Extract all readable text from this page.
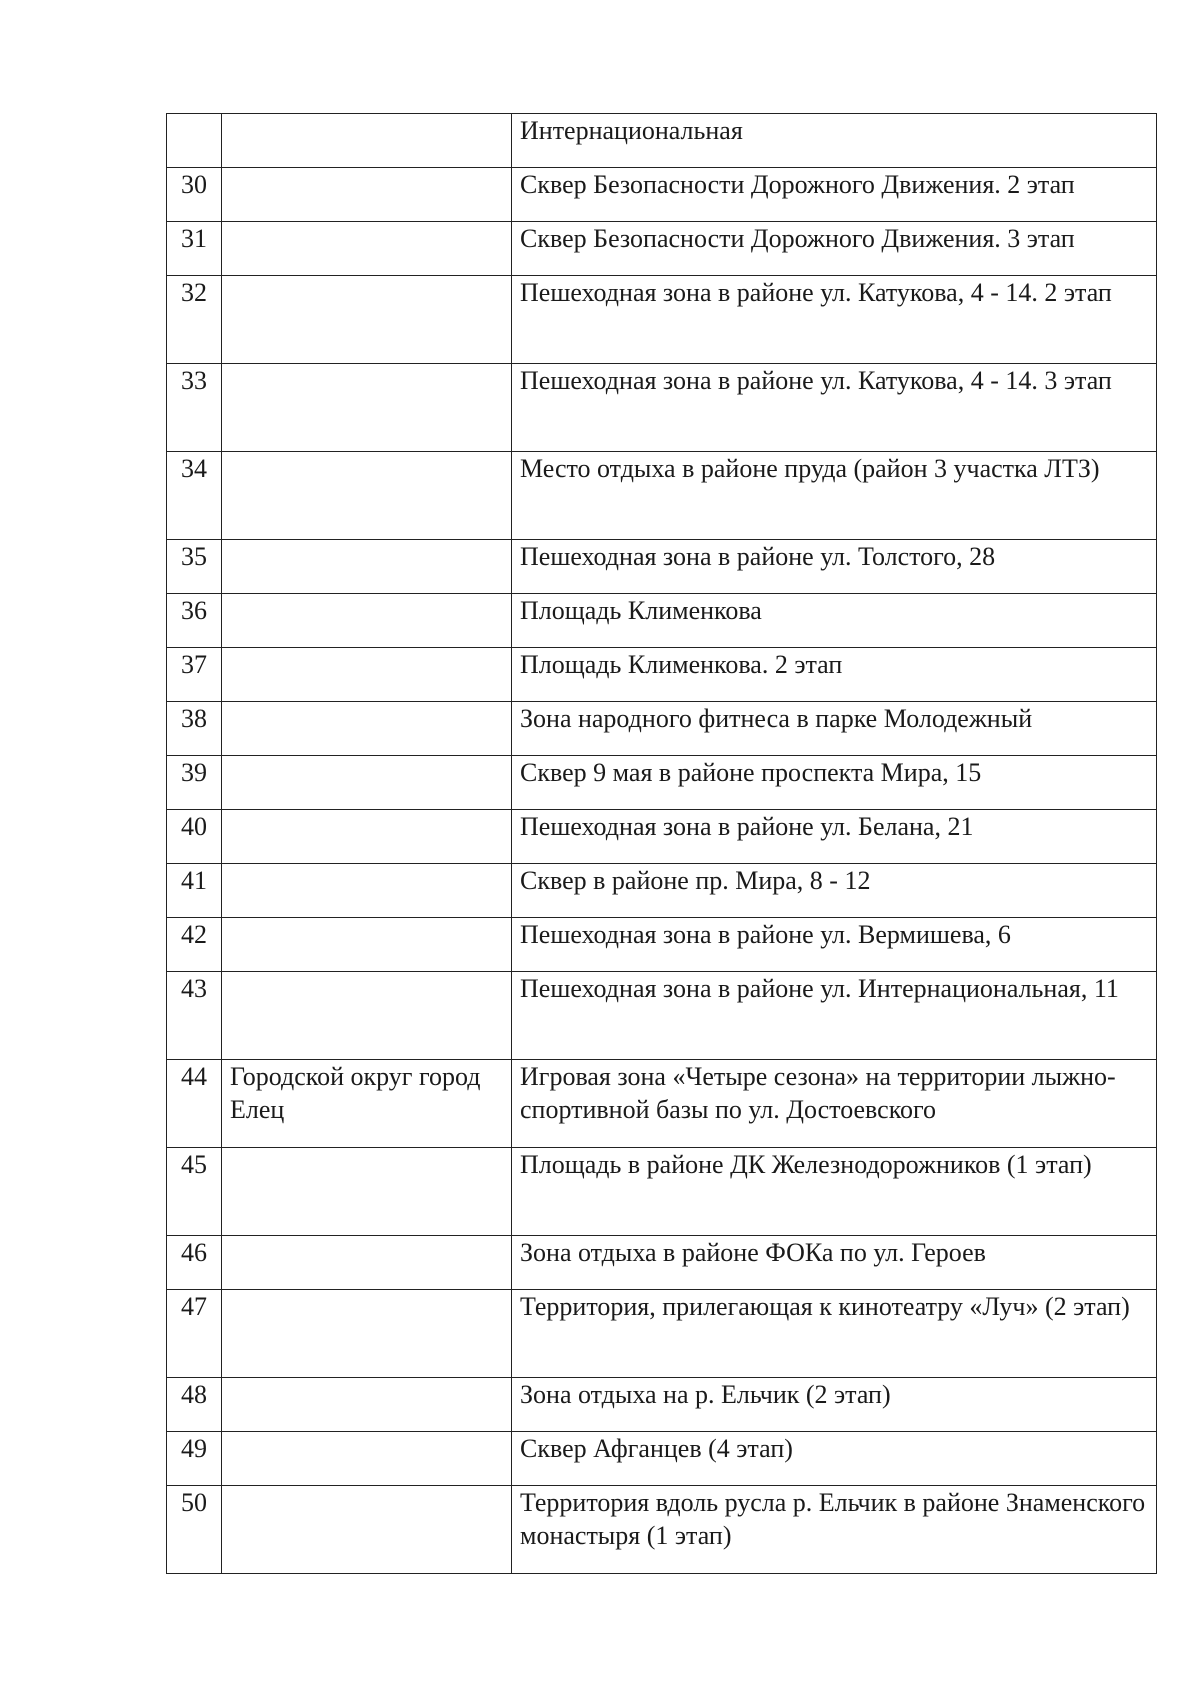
		Интернациональная
30		Сквер Безопасности Дорожного Движения. 2 этап
31		Сквер Безопасности Дорожного Движения. 3 этап
32		Пешеходная зона в районе ул. Катукова, 4 - 14. 2 этап
33		Пешеходная зона в районе ул. Катукова, 4 - 14. 3 этап
34		Место отдыха в районе пруда (район 3 участка ЛТЗ)
35		Пешеходная зона в районе ул. Толстого, 28
36		Площадь Клименкова
37		Площадь Клименкова. 2 этап
38		Зона народного фитнеса в парке Молодежный
39		Сквер 9 мая в районе проспекта Мира, 15
40		Пешеходная зона в районе ул. Белана, 21
41		Сквер в районе пр. Мира, 8 - 12
42		Пешеходная зона в районе ул. Вермишева, 6
43		Пешеходная зона в районе ул. Интернациональная, 11
44	Городской округ город Елец	Игровая зона «Четыре сезона» на территории лыжно-спортивной базы по ул. Достоевского
45		Площадь в районе ДК Железнодорожников (1 этап)
46		Зона отдыха в районе ФОКа по ул. Героев
47		Территория, прилегающая к кинотеатру «Луч» (2 этап)
48		Зона отдыха на р. Ельчик (2 этап)
49		Сквер Афганцев (4 этап)
50		Территория вдоль русла р. Ельчик в районе Знаменского монастыря (1 этап)
